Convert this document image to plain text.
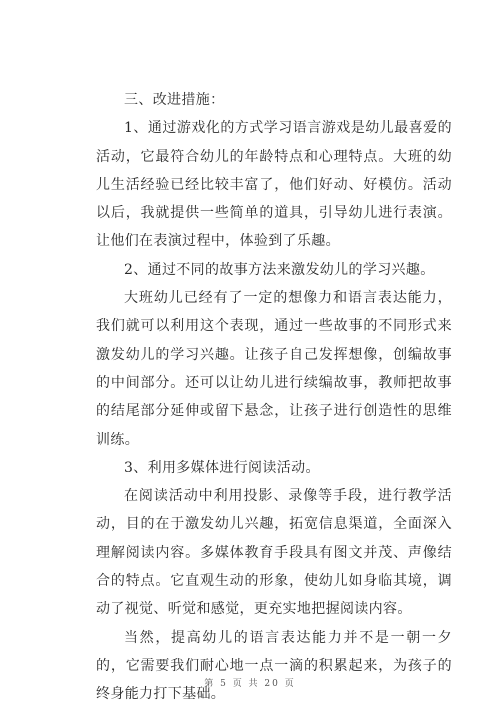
三、改进措施：

1、通过游戏化的方式学习语言游戏是幼儿最喜爱的活动，它最符合幼儿的年龄特点和心理特点。大班的幼儿生活经验已经比较丰富了，他们好动、好模仿。活动以后，我就提供一些简单的道具，引导幼儿进行表演。让他们在表演过程中，体验到了乐趣。

2、通过不同的故事方法来激发幼儿的学习兴趣。

大班幼儿已经有了一定的想像力和语言表达能力，我们就可以利用这个表现，通过一些故事的不同形式来激发幼儿的学习兴趣。让孩子自己发挥想像，创编故事的中间部分。还可以让幼儿进行续编故事，教师把故事的结尾部分延伸或留下悬念，让孩子进行创造性的思维训练。

3、利用多媒体进行阅读活动。

在阅读活动中利用投影、录像等手段，进行教学活动，目的在于激发幼儿兴趣，拓宽信息渠道，全面深入理解阅读内容。多媒体教育手段具有图文并茂、声像结合的特点。它直观生动的形象，使幼儿如身临其境，调动了视觉、听觉和感觉，更充实地把握阅读内容。

当然，提高幼儿的语言表达能力并不是一朝一夕的，它需要我们耐心地一点一滴的积累起来，为孩子的终身能力打下基础。

第 5 页 共 20 页
